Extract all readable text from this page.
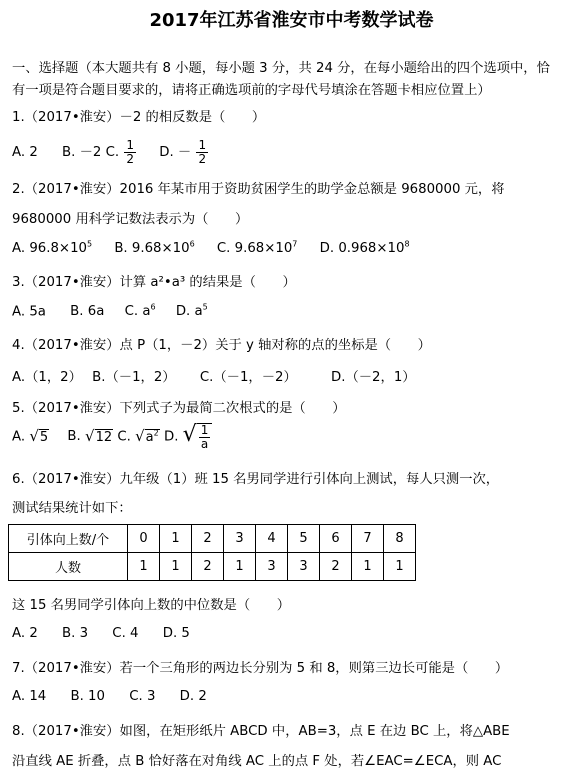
2017年江苏省淮安市中考数学试卷
一、选择题（本大题共有 8 小题，每小题 3 分，共 24 分，在每小题给出的四个选项中，恰
有一项是符合题目要求的，请将正确选项前的字母代号填涂在答题卡相应位置上）
1.（2017•淮安）－2 的相反数是（　　）
A. 2 B. －2 C. $\frac{1}{2} D$. － $\frac{1}{2}$
2.（2017•淮安）2016 年某市用于资助贫困学生的助学金总额是 9680000 元，将
9680000 用科学记数法表示为（　　）
A. $96.8\times 10^5$ B. $9.68\times 10^6$ C. $9.68\times 10^7$ D. $0.968\times 10^8$
3.（2017•淮安）计算 a²•a³ 的结果是（　　）
A. 5a B. 6a C. $a^6$ D. $a^5$
4.（2017•淮安）点 P（1，－2）关于 y 轴对称的点的坐标是（　　）
A.（1，2） B.（－1，2） C.（－1，－2）	D.（－2，1）
5.（2017•淮安）下列式子为最简二次根式的是（　　）
A. √5 B. √12 C. $√a^2$ D. √ $\frac{1}{a}$
6.（2017•淮安）九年级（1）班 15 名男同学进行引体向上测试，每人只测一次，
测试结果统计如下：
引体向上数/个	0	1	2	3	4	5	6	7	8
人数	1	1	2	1	3	3	2	1	1
这 15 名男同学引体向上数的中位数是（　　）
A. 2 B. 3 C. 4 D. 5
7.（2017•淮安）若一个三角形的两边长分别为 5 和 8，则第三边长可能是（　　）
A. 14 B. 10 C. 3 D. 2
8.（2017•淮安）如图，在矩形纸片 ABCD 中，AB=3，点 E 在边 BC 上，将△ABE
沿直线 AE 折叠，点 B 恰好落在对角线 AC 上的点 F 处，若∠EAC=∠ECA，则 AC
